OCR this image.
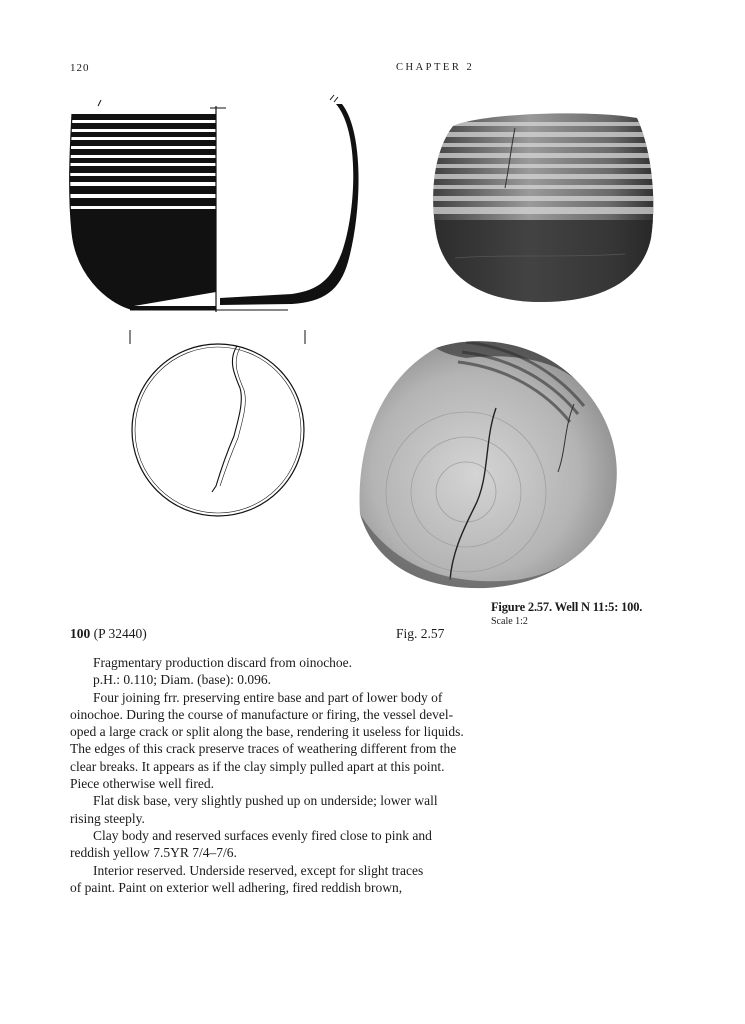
120	CHAPTER 2
Figure 2.57. Well N 11:5: 100.
Scale 1:2
100 (P 32440)	Fig. 2.57
Fragmentary production discard from oinochoe.
p.H.: 0.110; Diam. (base): 0.096.
Four joining frr. preserving entire base and part of lower body of
oinochoe. During the course of manufacture or firing, the vessel devel-
oped a large crack or split along the base, rendering it useless for liquids.
The edges of this crack preserve traces of weathering different from the
clear breaks. It appears as if the clay simply pulled apart at this point.
Piece otherwise well fired.
Flat disk base, very slightly pushed up on underside; lower wall
rising steeply.
Clay body and reserved surfaces evenly fired close to pink and
reddish yellow 7.5YR 7/4–7/6.
Interior reserved. Underside reserved, except for slight traces
of paint. Paint on exterior well adhering, fired reddish brown,
